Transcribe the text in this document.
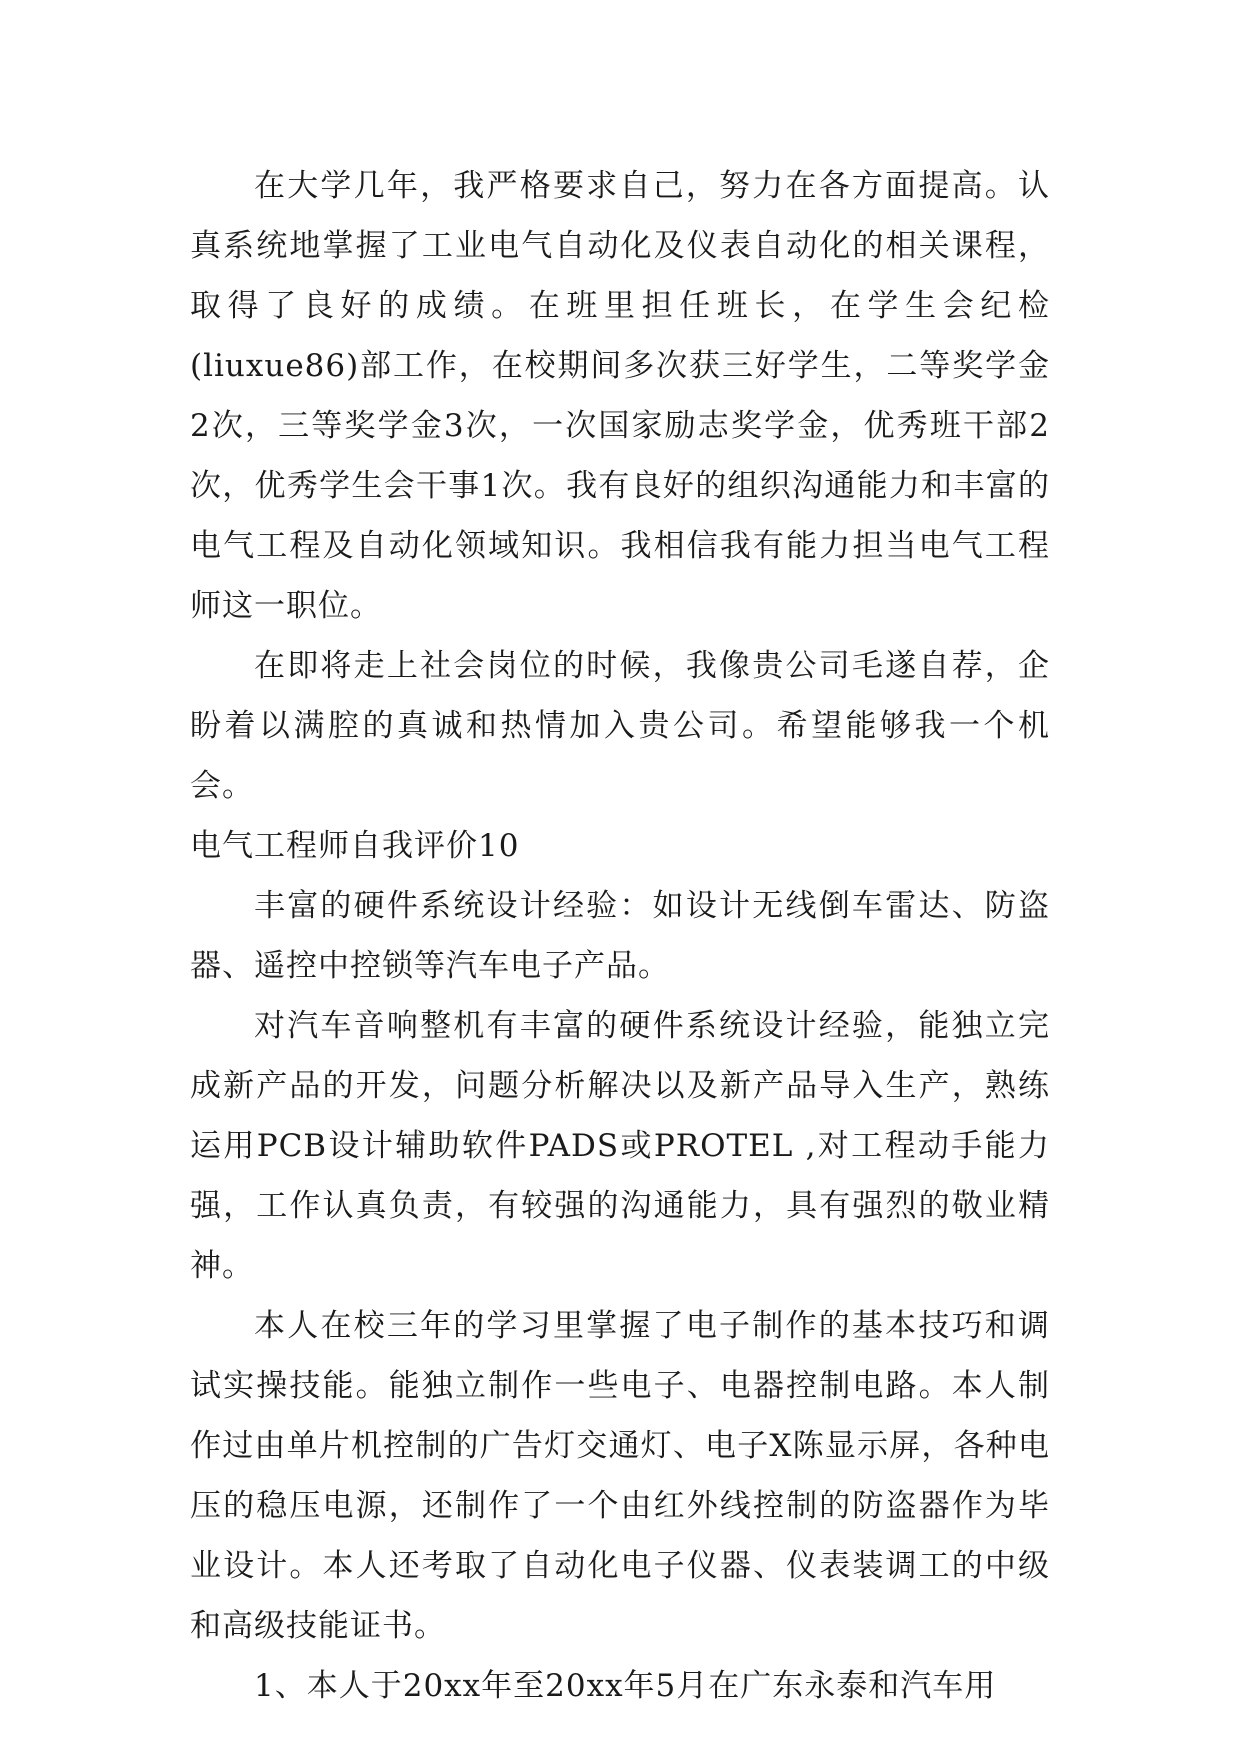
在大学几年，我严格要求自己，努力在各方面提高。认真系统地掌握了工业电气自动化及仪表自动化的相关课程，取得了良好的成绩。在班里担任班长，在学生会纪检(liuxue86)部工作，在校期间多次获三好学生，二等奖学金2次，三等奖学金3次，一次国家励志奖学金，优秀班干部2次，优秀学生会干事1次。我有良好的组织沟通能力和丰富的电气工程及自动化领域知识。我相信我有能力担当电气工程师这一职位。

在即将走上社会岗位的时候，我像贵公司毛遂自荐，企盼着以满腔的真诚和热情加入贵公司。希望能够我一个机会。

电气工程师自我评价10

丰富的硬件系统设计经验：如设计无线倒车雷达、防盗器、遥控中控锁等汽车电子产品。

对汽车音响整机有丰富的硬件系统设计经验，能独立完成新产品的开发，问题分析解决以及新产品导入生产，熟练运用PCB设计辅助软件PADS或PROTEL ,对工程动手能力强，工作认真负责，有较强的沟通能力，具有强烈的敬业精神。

本人在校三年的学习里掌握了电子制作的基本技巧和调试实操技能。能独立制作一些电子、电器控制电路。本人制作过由单片机控制的广告灯交通灯、电子X陈显示屏，各种电压的稳压电源，还制作了一个由红外线控制的防盗器作为毕业设计。本人还考取了自动化电子仪器、仪表装调工的中级和高级技能证书。

1、本人于20xx年至20xx年5月在广东永泰和汽车用
